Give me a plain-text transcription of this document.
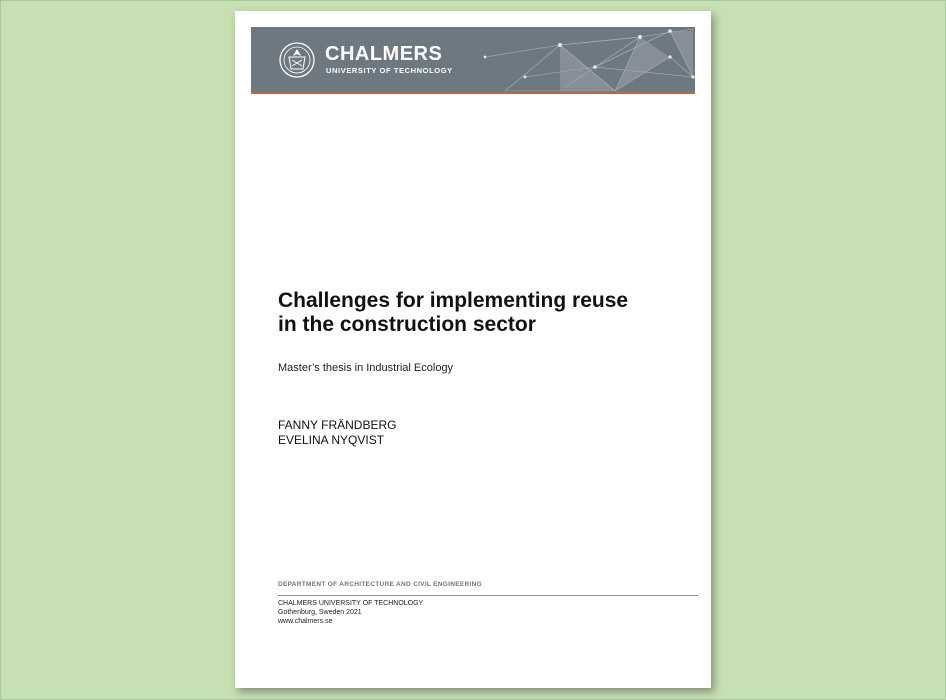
CHALMERS
UNIVERSITY OF TECHNOLOGY
Challenges for implementing reuse
in the construction sector
Master’s thesis in Industrial Ecology
FANNY FRÄNDBERG
EVELINA NYQVIST
DEPARTMENT OF ARCHITECTURE AND CIVIL ENGINEERING
CHALMERS UNIVERSITY OF TECHNOLOGY
Gothenburg, Sweden 2021
www.chalmers.se
